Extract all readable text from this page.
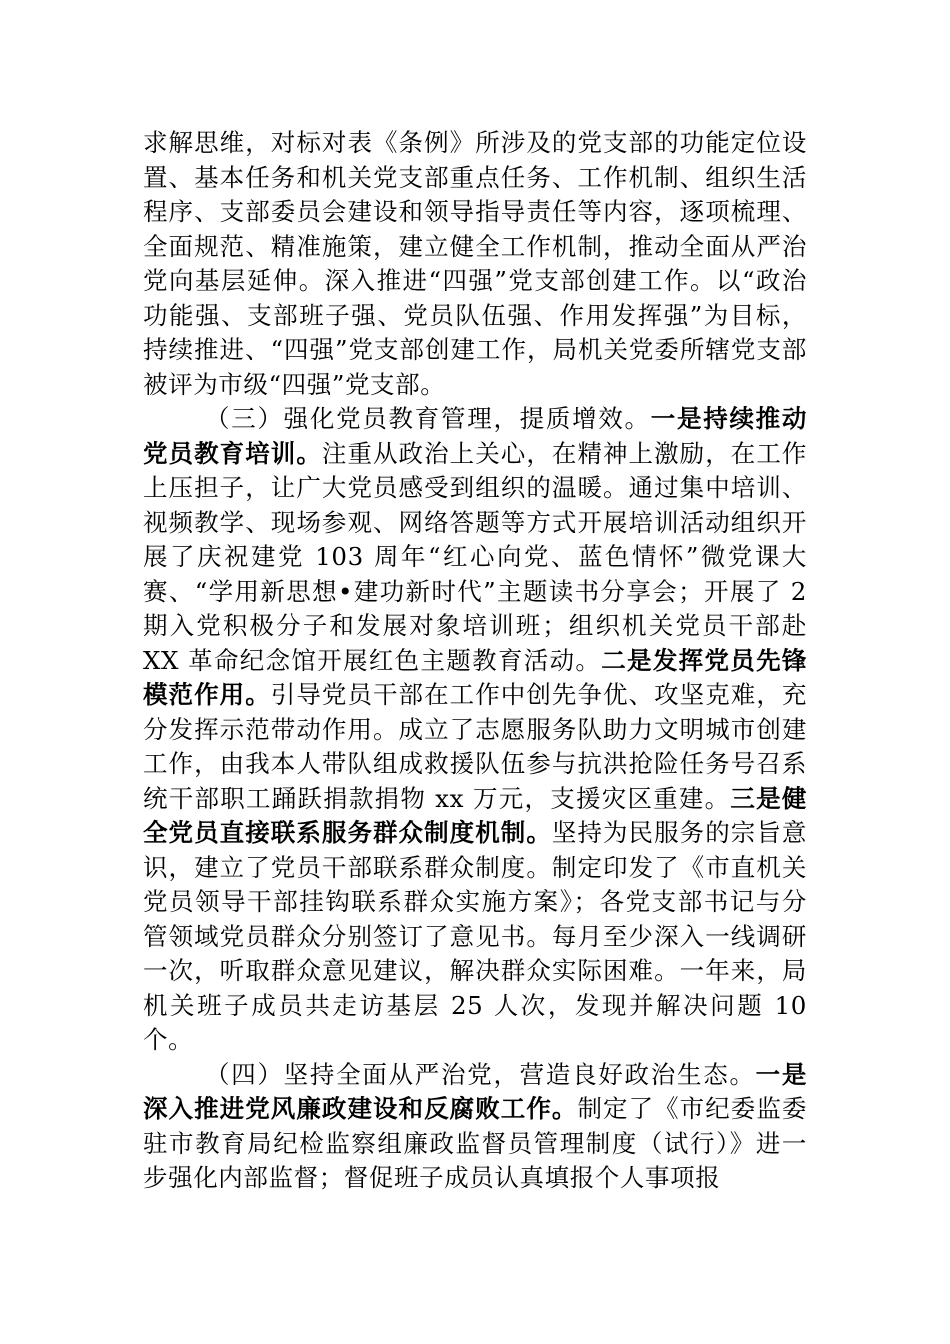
求解思维，对标对表《条例》所涉及的党支部的功能定位设置、基本任务和机关党支部重点任务、工作机制、组织生活程序、支部委员会建设和领导指导责任等内容，逐项梳理、全面规范、精准施策，建立健全工作机制，推动全面从严治党向基层延伸。深入推进“四强”党支部创建工作。以“政治功能强、支部班子强、党员队伍强、作用发挥强”为目标，持续推进、“四强”党支部创建工作，局机关党委所辖党支部被评为市级“四强”党支部。

（三）强化党员教育管理，提质增效。一是持续推动党员教育培训。注重从政治上关心，在精神上激励，在工作上压担子，让广大党员感受到组织的温暖。通过集中培训、视频教学、现场参观、网络答题等方式开展培训活动组织开展了庆祝建党 103 周年“红心向党、蓝色情怀”微党课大赛、“学用新思想•建功新时代”主题读书分享会；开展了 2 期入党积极分子和发展对象培训班；组织机关党员干部赴 XX 革命纪念馆开展红色主题教育活动。二是发挥党员先锋模范作用。引导党员干部在工作中创先争优、攻坚克难，充分发挥示范带动作用。成立了志愿服务队助力文明城市创建工作，由我本人带队组成救援队伍参与抗洪抢险任务号召系统干部职工踊跃捐款捐物 xx 万元，支援灾区重建。三是健全党员直接联系服务群众制度机制。坚持为民服务的宗旨意识，建立了党员干部联系群众制度。制定印发了《市直机关党员领导干部挂钩联系群众实施方案》；各党支部书记与分管领域党员群众分别签订了意见书。每月至少深入一线调研一次，听取群众意见建议，解决群众实际困难。一年来，局机关班子成员共走访基层 25 人次，发现并解决问题 10 个。

（四）坚持全面从严治党，营造良好政治生态。一是深入推进党风廉政建设和反腐败工作。制定了《市纪委监委驻市教育局纪检监察组廉政监督员管理制度（试行）》进一步强化内部监督；督促班子成员认真填报个人事项报
